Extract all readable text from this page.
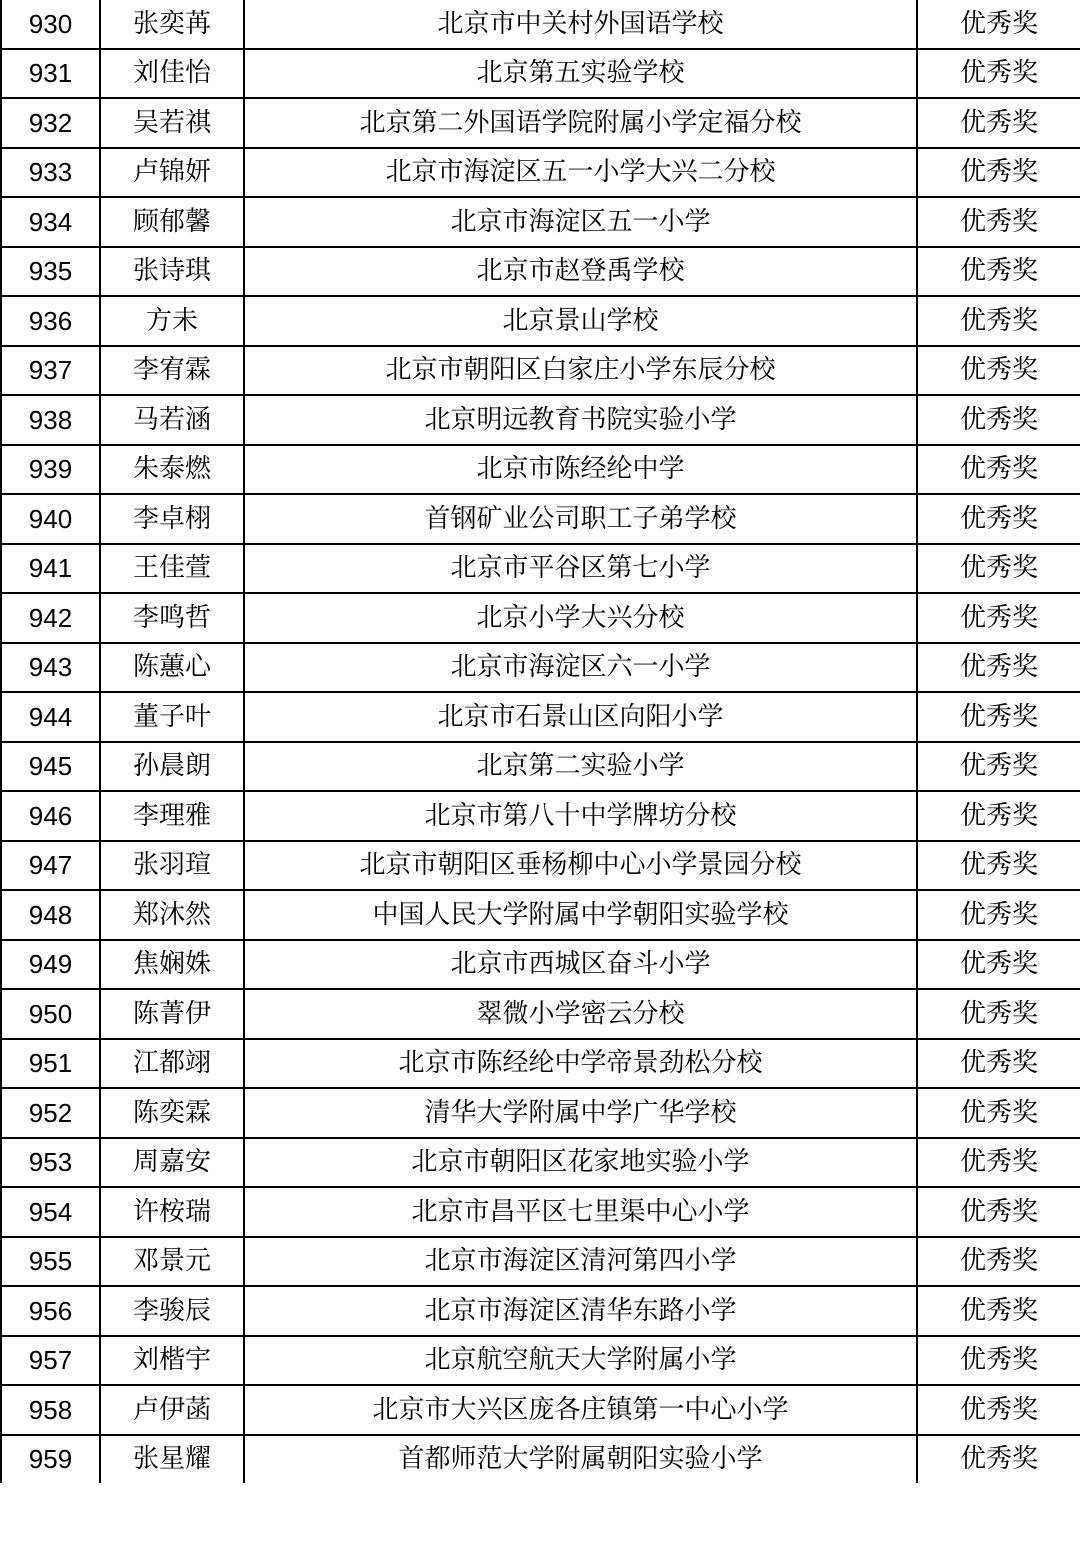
930	张奕苒	北京市中关村外国语学校	优秀奖
931	刘佳怡	北京第五实验学校	优秀奖
932	吴若祺	北京第二外国语学院附属小学定福分校	优秀奖
933	卢锦妍	北京市海淀区五一小学大兴二分校	优秀奖
934	顾郁馨	北京市海淀区五一小学	优秀奖
935	张诗琪	北京市赵登禹学校	优秀奖
936	方未	北京景山学校	优秀奖
937	李宥霖	北京市朝阳区白家庄小学东辰分校	优秀奖
938	马若涵	北京明远教育书院实验小学	优秀奖
939	朱泰燃	北京市陈经纶中学	优秀奖
940	李卓栩	首钢矿业公司职工子弟学校	优秀奖
941	王佳萱	北京市平谷区第七小学	优秀奖
942	李鸣哲	北京小学大兴分校	优秀奖
943	陈蕙心	北京市海淀区六一小学	优秀奖
944	董子叶	北京市石景山区向阳小学	优秀奖
945	孙晨朗	北京第二实验小学	优秀奖
946	李理雅	北京市第八十中学牌坊分校	优秀奖
947	张羽瑄	北京市朝阳区垂杨柳中心小学景园分校	优秀奖
948	郑沐然	中国人民大学附属中学朝阳实验学校	优秀奖
949	焦娴姝	北京市西城区奋斗小学	优秀奖
950	陈菁伊	翠微小学密云分校	优秀奖
951	江都翊	北京市陈经纶中学帝景劲松分校	优秀奖
952	陈奕霖	清华大学附属中学广华学校	优秀奖
953	周嘉安	北京市朝阳区花家地实验小学	优秀奖
954	许桉瑞	北京市昌平区七里渠中心小学	优秀奖
955	邓景元	北京市海淀区清河第四小学	优秀奖
956	李骏辰	北京市海淀区清华东路小学	优秀奖
957	刘楷宇	北京航空航天大学附属小学	优秀奖
958	卢伊菡	北京市大兴区庞各庄镇第一中心小学	优秀奖
959	张星耀	首都师范大学附属朝阳实验小学	优秀奖
